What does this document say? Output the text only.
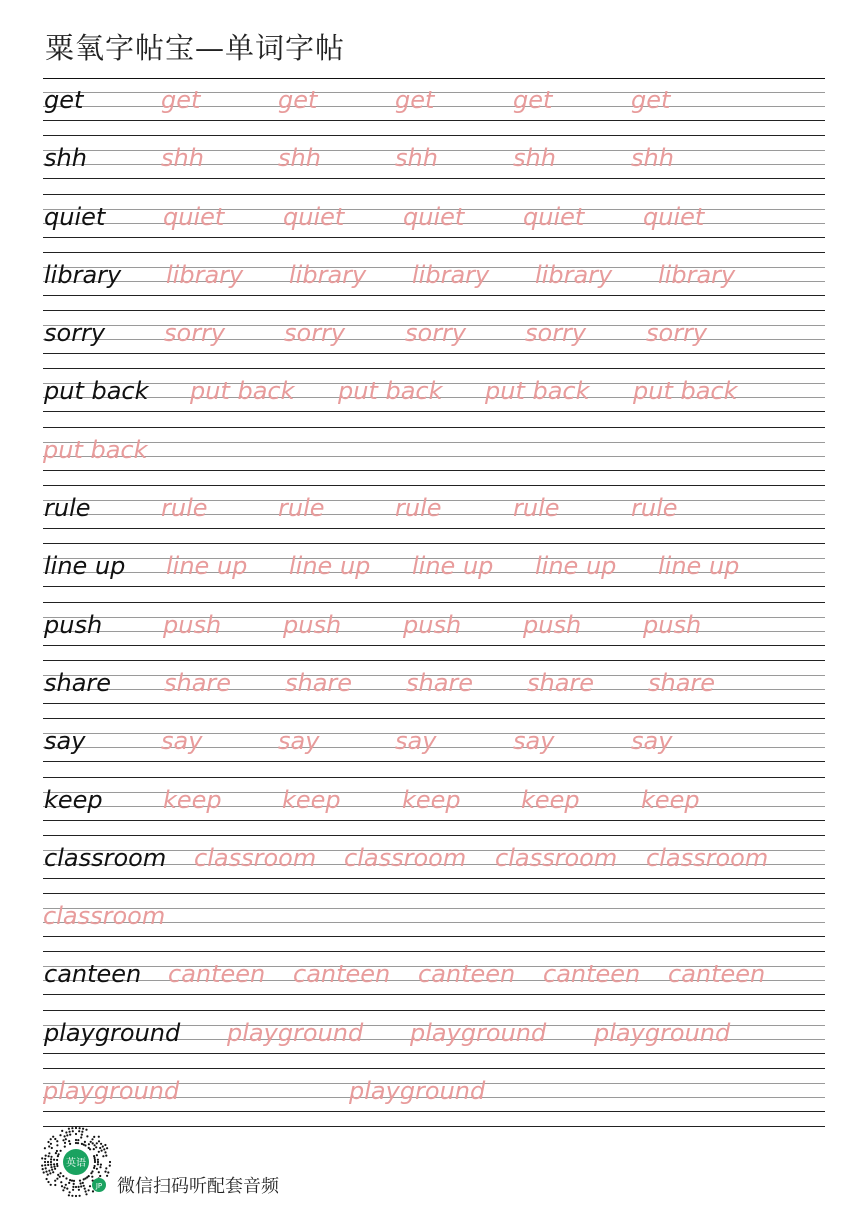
粟氧字帖宝—单词字帖
get	get	get	get	get	get
shh	shh	shh	shh	shh	shh
quiet quiet quiet quiet quiet quiet
library library library library library library
sorry sorry sorry sorry sorry sorry
put back put back put back put back put back
put back
rule	rule	rule	rule	rule	rule
line up line up line up line up line up line up
push	push	push	push	push	push
share share share share share share
say	say	say	say	say	say
keep	keep	keep	keep	keep	keep
classroom classroom classroom classroom classroom
classroom
canteen canteen canteen canteen canteen canteen
playground playground playground playground
playground	playground
英语
JP 微信扫码听配套音频
